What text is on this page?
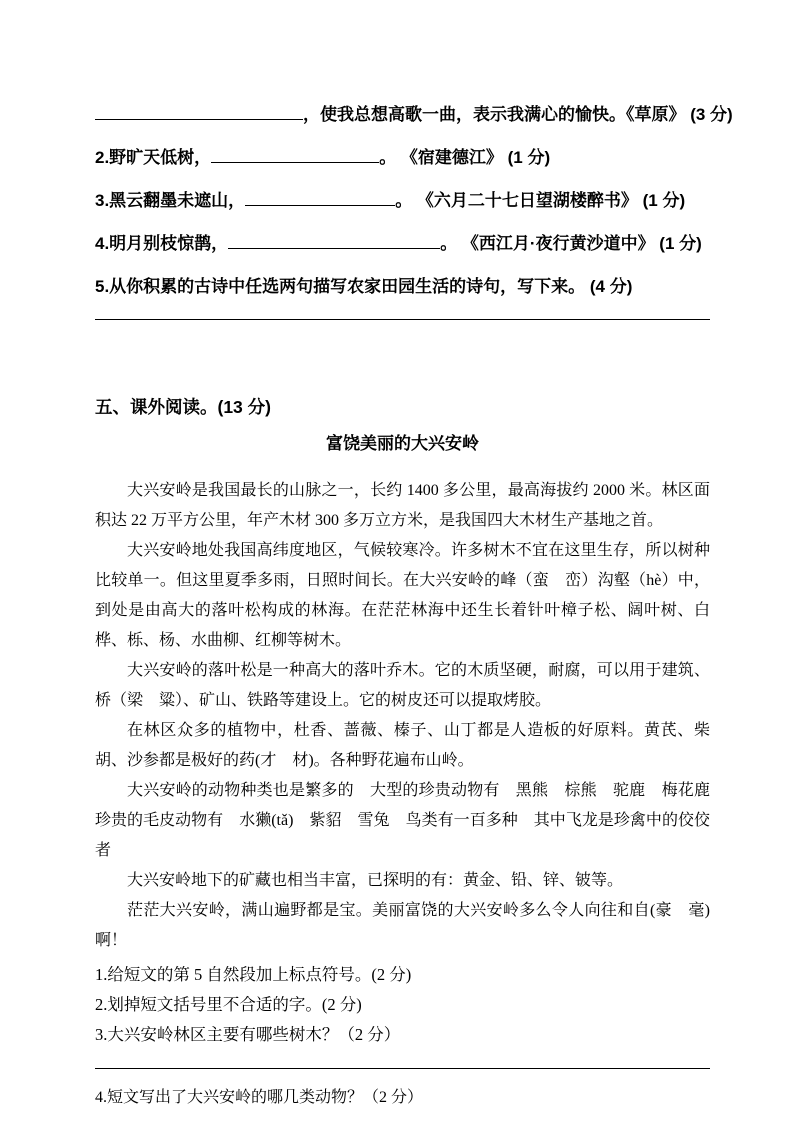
，使我总想高歌一曲，表示我满心的愉快。《草原》 (3 分)
2.野旷天低树，	。 《宿建德江》 (1 分)
3.黑云翻墨未遮山，	。 《六月二十七日望湖楼醉书》 (1 分)
4.明月别枝惊鹊，	。 《西江月·夜行黄沙道中》 (1 分)
5.从你积累的古诗中任选两句描写农家田园生活的诗句，写下来。 (4 分)
五、课外阅读。(13 分)
富饶美丽的大兴安岭

大兴安岭是我国最长的山脉之一，长约 1400 多公里，最高海拔约 2000 米。林区面积达 22 万平方公里，年产木材 300 多万立方米，是我国四大木材生产基地之首。

大兴安岭地处我国高纬度地区，气候较寒冷。许多树木不宜在这里生存，所以树种比较单一。但这里夏季多雨，日照时间长。在大兴安岭的峰（蛮　峦）沟壑（hè）中，到处是由高大的落叶松构成的林海。在茫茫林海中还生长着针叶樟子松、阔叶树、白桦、栎、杨、水曲柳、红柳等树木。

大兴安岭的落叶松是一种高大的落叶乔木。它的木质坚硬，耐腐，可以用于建筑、桥（梁　粱）、矿山、铁路等建设上。它的树皮还可以提取烤胶。

在林区众多的植物中，杜香、蔷薇、榛子、山丁都是人造板的好原料。黄芪、柴胡、沙参都是极好的药(才　材)。各种野花遍布山岭。

大兴安岭的动物种类也是繁多的　大型的珍贵动物有　黑熊　棕熊　驼鹿　梅花鹿　珍贵的毛皮动物有　水獭(tǎ)　紫貂　雪兔　鸟类有一百多种　其中飞龙是珍禽中的佼佼者

大兴安岭地下的矿藏也相当丰富，已探明的有：黄金、铅、锌、铍等。

茫茫大兴安岭，满山遍野都是宝。美丽富饶的大兴安岭多么令人向往和自(豪　毫)啊！

1.给短文的第 5 自然段加上标点符号。(2 分)
2.划掉短文括号里不合适的字。(2 分)
3.大兴安岭林区主要有哪些树木？（2 分）
4.短文写出了大兴安岭的哪几类动物？（2 分）
